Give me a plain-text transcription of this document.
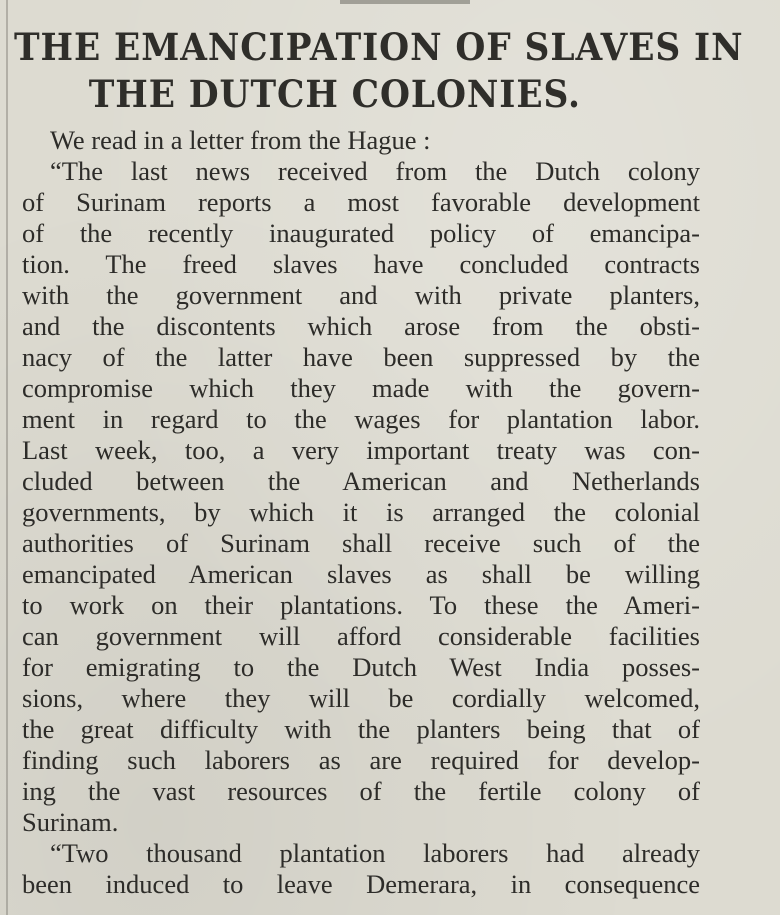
THE EMANCIPATION OF SLAVES IN
THE DUTCH COLONIES.
We read in a letter from the Hague :
“The last news received from the Dutch colony
of Surinam reports a most favorable development
of the recently inaugurated policy of emancipa-
tion. The freed slaves have concluded contracts
with the government and with private planters,
and the discontents which arose from the obsti-
nacy of the latter have been suppressed by the
compromise which they made with the govern-
ment in regard to the wages for plantation labor.
Last week, too, a very important treaty was con-
cluded between the American and Netherlands
governments, by which it is arranged the colonial
authorities of Surinam shall receive such of the
emancipated American slaves as shall be willing
to work on their plantations. To these the Ameri-
can government will afford considerable facilities
for emigrating to the Dutch West India posses-
sions, where they will be cordially welcomed,
the great difficulty with the planters being that of
finding such laborers as are required for develop-
ing the vast resources of the fertile colony of
Surinam.
“Two thousand plantation laborers had already
been induced to leave Demerara, in consequence
